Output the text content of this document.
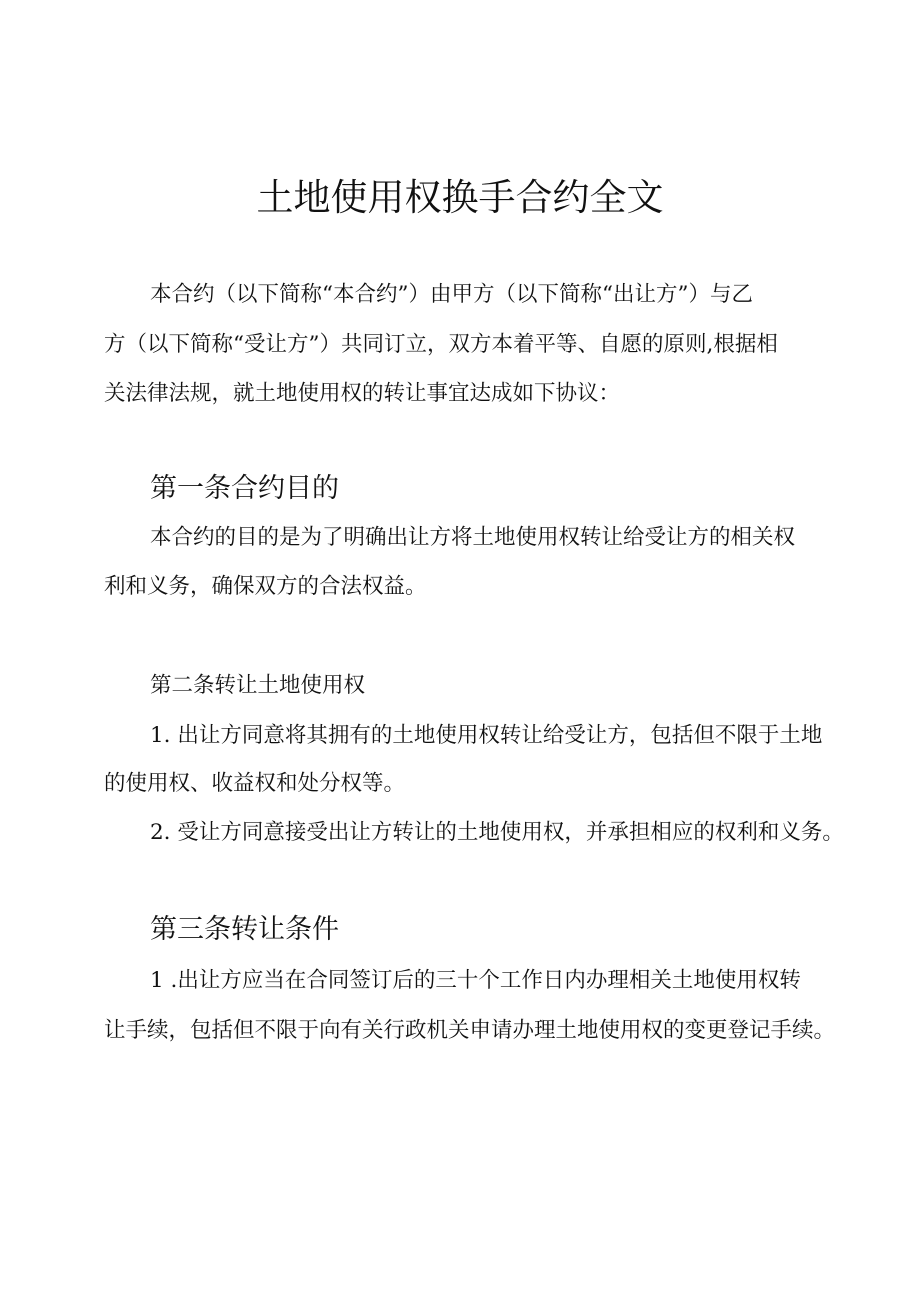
土地使用权换手合约全文

本合约（以下简称“本合约”）由甲方（以下简称“出让方”）与乙

方（以下简称“受让方”）共同订立，双方本着平等、自愿的原则,根据相

关法律法规，就土地使用权的转让事宜达成如下协议：

第一条合约目的

本合约的目的是为了明确出让方将土地使用权转让给受让方的相关权

利和义务，确保双方的合法权益。

第二条转让土地使用权

1. 出让方同意将其拥有的土地使用权转让给受让方，包括但不限于土地

的使用权、收益权和处分权等。

2. 受让方同意接受出让方转让的土地使用权，并承担相应的权利和义务。

第三条转让条件

1 .出让方应当在合同签订后的三十个工作日内办理相关土地使用权转

让手续，包括但不限于向有关行政机关申请办理土地使用权的变更登记手续。
